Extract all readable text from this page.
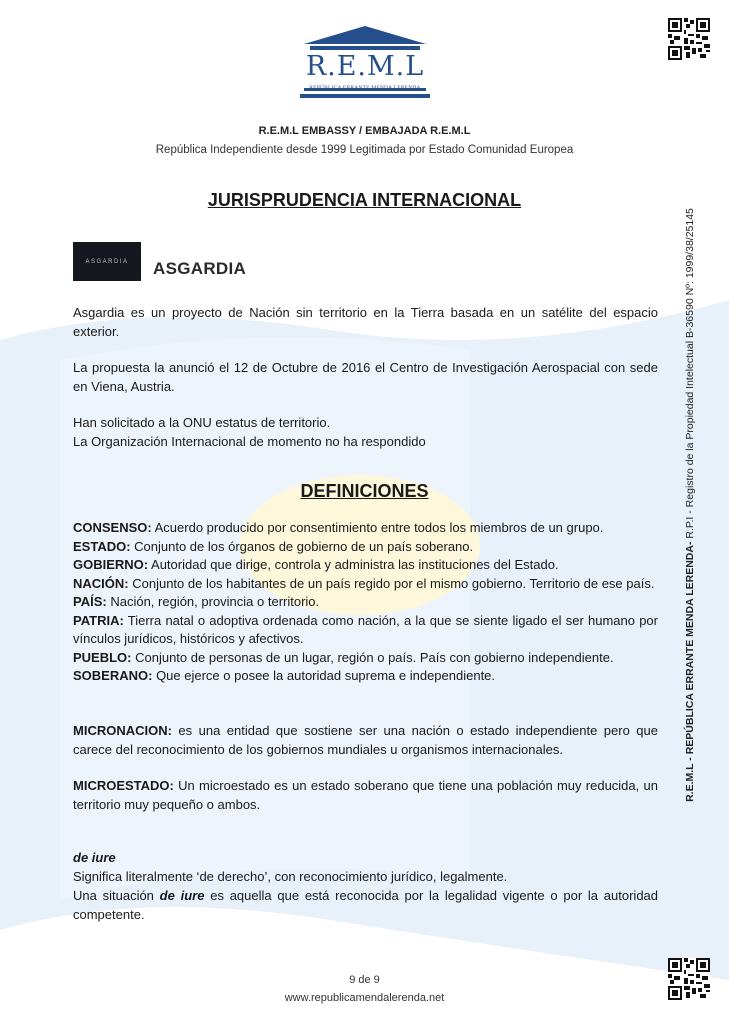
R.E.M.L
REPÚBLICA ERRANTE MENDA LERENDA
R.E.M.L EMBASSY / EMBAJADA R.E.M.L
República Independiente desde 1999 Legitimada por Estado Comunidad Europea
R.E.M.L - REPÚBLICA ERRANTE MENDA LERENDA- R.P.I - Registro de la Propiedad Intelectual B-36590 Nº: 1999/38/25145
JURISPRUDENCIA INTERNACIONAL
ASGARDIA ASGARDIA

Asgardia es un proyecto de Nación sin territorio en la Tierra basada en un satélite del espacio exterior.

La propuesta la anunció el 12 de Octubre de 2016 el Centro de Investigación Aerospacial con sede en Viena, Austria.

Han solicitado a la ONU estatus de territorio.
La Organización Internacional de momento no ha respondido

DEFINICIONES
CONSENSO: Acuerdo producido por consentimiento entre todos los miembros de un grupo.
ESTADO: Conjunto de los órganos de gobierno de un país soberano.
GOBIERNO: Autoridad que dirige, controla y administra las instituciones del Estado.
NACIÓN: Conjunto de los habitantes de un país regido por el mismo gobierno. Territorio de ese país.
PAÍS: Nación, región, provincia o territorio.
PATRIA: Tierra natal o adoptiva ordenada como nación, a la que se siente ligado el ser humano por vínculos jurídicos, históricos y afectivos.
PUEBLO: Conjunto de personas de un lugar, región o país. País con gobierno independiente.
SOBERANO: Que ejerce o posee la autoridad suprema e independiente.

MICRONACION: es una entidad que sostiene ser una nación o estado independiente pero que carece del reconocimiento de los gobiernos mundiales u organismos internacionales.

MICROESTADO: Un microestado es un estado soberano que tiene una población muy reducida, un territorio muy pequeño o ambos.

de iure

Significa literalmente ‘de derecho’, con reconocimiento jurídico, legalmente.
Una situación de iure es aquella que está reconocida por la legalidad vigente o por la autoridad competente.

9 de 9
www.republicamendalerenda.net
